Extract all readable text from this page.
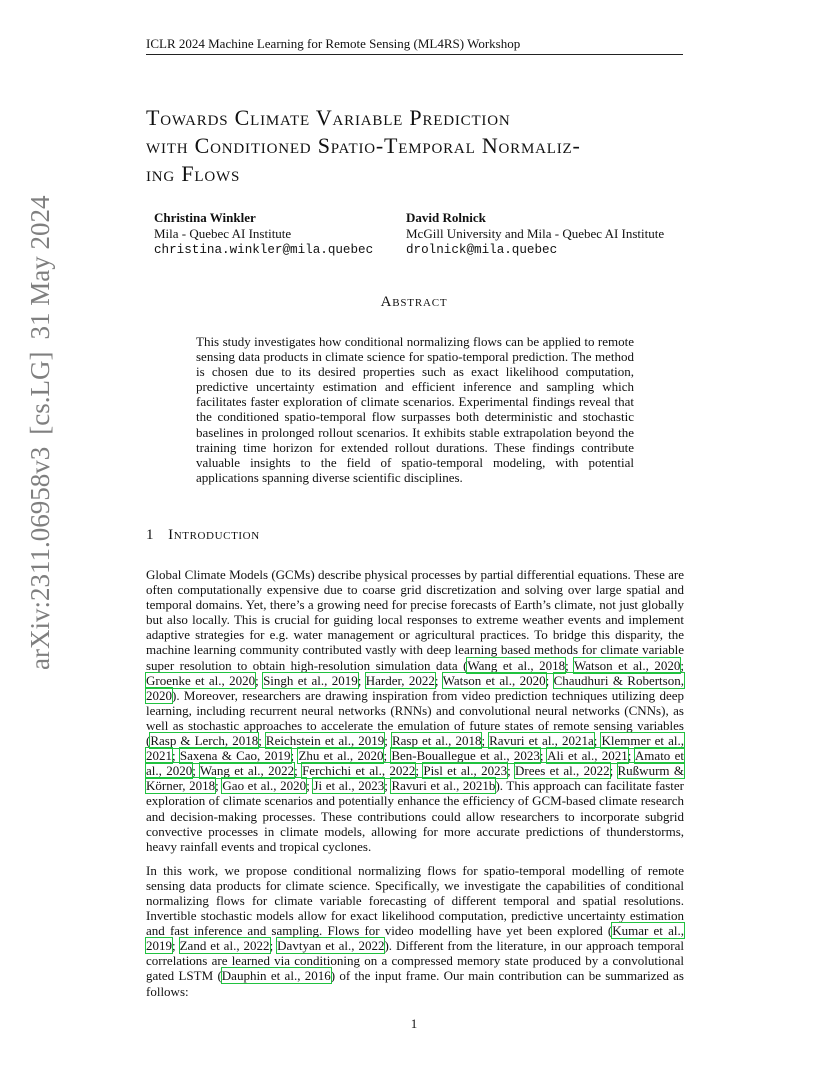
ICLR 2024 Machine Learning for Remote Sensing (ML4RS) Workshop
arXiv:2311.06958v3[cs.LG]31 May 2024
Towards Climate Variable Prediction
with Conditioned Spatio-Temporal Normaliz-
ing Flows
Christina Winkler
Mila - Quebec AI Institute
christina.winkler@mila.quebec
David Rolnick
McGill University and Mila - Quebec AI Institute
drolnick@mila.quebec
Abstract
This study investigates how conditional normalizing flows can be applied to remote sensing data products in climate science for spatio-temporal prediction. The method is chosen due to its desired properties such as exact likelihood computation, predictive uncertainty estimation and efficient inference and sampling which facilitates faster exploration of climate scenarios. Experimental findings reveal that the conditioned spatio-temporal flow surpasses both deterministic and stochastic baselines in prolonged rollout scenarios. It exhibits stable extrapolation beyond the training time horizon for extended rollout durations. These findings contribute valuable insights to the field of spatio-temporal modeling, with potential applications spanning diverse scientific disciplines.
1 Introduction

Global Climate Models (GCMs) describe physical processes by partial differential equations. These are often computationally expensive due to coarse grid discretization and solving over large spatial and temporal domains. Yet, there’s a growing need for precise forecasts of Earth’s climate, not just globally but also locally. This is crucial for guiding local responses to extreme weather events and implement adaptive strategies for e.g. water management or agricultural practices. To bridge this disparity, the machine learning community contributed vastly with deep learning based methods for climate variable super resolution to obtain high-resolution simulation data (Wang et al., 2018; Watson et al., 2020; Groenke et al., 2020; Singh et al., 2019; Harder, 2022; Watson et al., 2020; Chaudhuri & Robertson, 2020). Moreover, researchers are drawing inspiration from video prediction techniques utilizing deep learning, including recurrent neural networks (RNNs) and convolutional neural networks (CNNs), as well as stochastic approaches to accelerate the emulation of future states of remote sensing variables (Rasp & Lerch, 2018; Reichstein et al., 2019; Rasp et al., 2018; Ravuri et al., 2021a; Klemmer et al., 2021; Saxena & Cao, 2019; Zhu et al., 2020; Ben-Bouallegue et al., 2023; Ali et al., 2021; Amato et al., 2020; Wang et al., 2022; Ferchichi et al., 2022; Pisl et al., 2023; Drees et al., 2022; Rußwurm & Körner, 2018; Gao et al., 2020; Ji et al., 2023; Ravuri et al., 2021b). This approach can facilitate faster exploration of climate scenarios and potentially enhance the efficiency of GCM-based climate research and decision-making processes. These contributions could allow researchers to incorporate subgrid convective processes in climate models, allowing for more accurate predictions of thunderstorms, heavy rainfall events and tropical cyclones.

In this work, we propose conditional normalizing flows for spatio-temporal modelling of remote sensing data products for climate science. Specifically, we investigate the capabilities of conditional normalizing flows for climate variable forecasting of different temporal and spatial resolutions. Invertible stochastic models allow for exact likelihood computation, predictive uncertainty estimation and fast inference and sampling. Flows for video modelling have yet been explored (Kumar et al., 2019; Zand et al., 2022; Davtyan et al., 2022). Different from the literature, in our approach temporal correlations are learned via conditioning on a compressed memory state produced by a convolutional gated LSTM (Dauphin et al., 2016) of the input frame. Our main contribution can be summarized as follows:

1
